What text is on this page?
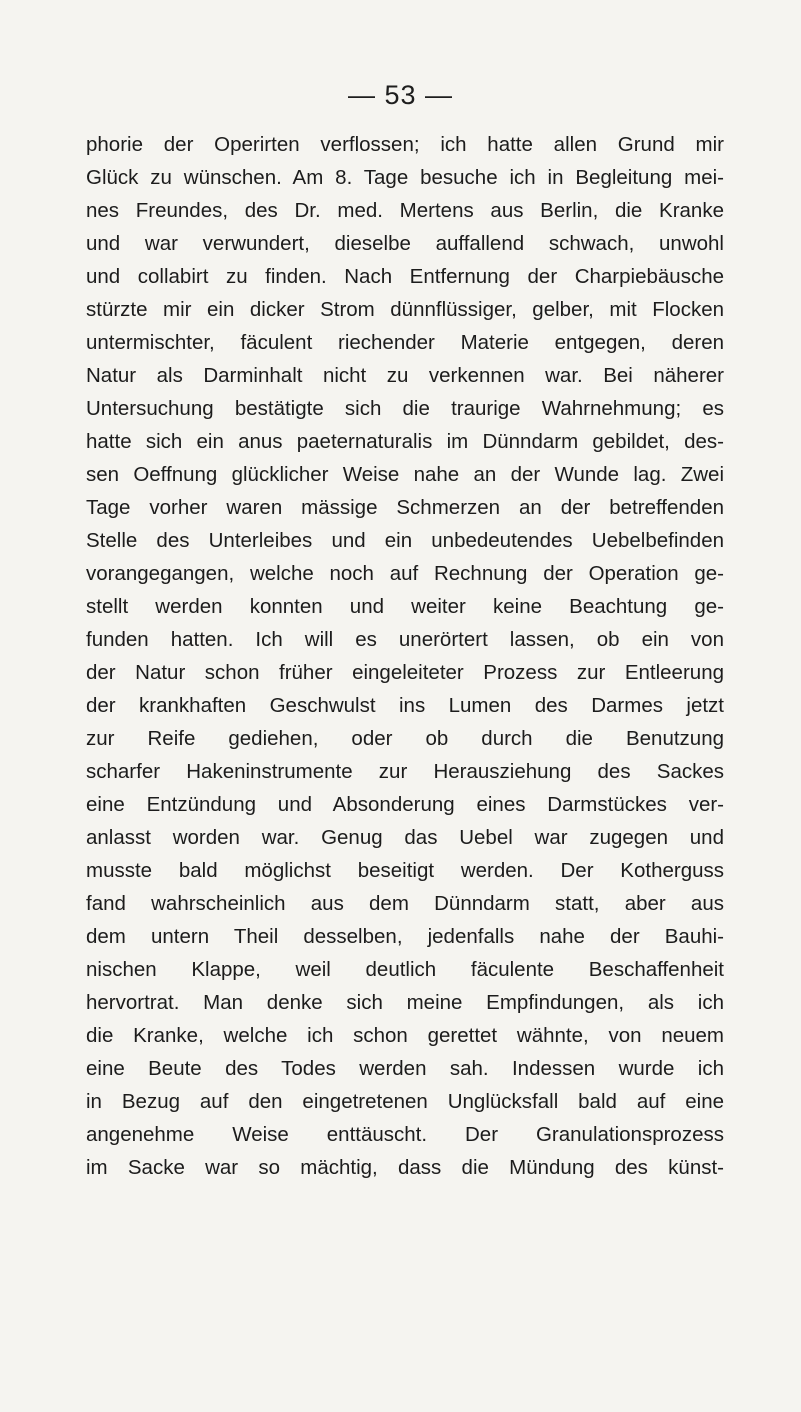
— 53 —
phorie der Operirten verflossen; ich hatte allen Grund mir
Glück zu wünschen. Am 8. Tage besuche ich in Begleitung mei-
nes Freundes, des Dr. med. Mertens aus Berlin, die Kranke
und war verwundert, dieselbe auffallend schwach, unwohl
und collabirt zu finden. Nach Entfernung der Charpiebäusche
stürzte mir ein dicker Strom dünnflüssiger, gelber, mit Flocken
untermischter, fäculent riechender Materie entgegen, deren
Natur als Darminhalt nicht zu verkennen war. Bei näherer
Untersuchung bestätigte sich die traurige Wahrnehmung; es
hatte sich ein anus paeternaturalis im Dünndarm gebildet, des-
sen Oeffnung glücklicher Weise nahe an der Wunde lag. Zwei
Tage vorher waren mässige Schmerzen an der betreffenden
Stelle des Unterleibes und ein unbedeutendes Uebelbefinden
vorangegangen, welche noch auf Rechnung der Operation ge-
stellt werden konnten und weiter keine Beachtung ge-
funden hatten. Ich will es unerörtert lassen, ob ein von
der Natur schon früher eingeleiteter Prozess zur Entleerung
der krankhaften Geschwulst ins Lumen des Darmes jetzt
zur Reife gediehen, oder ob durch die Benutzung
scharfer Hakeninstrumente zur Herausziehung des Sackes
eine Entzündung und Absonderung eines Darmstückes ver-
anlasst worden war. Genug das Uebel war zugegen und
musste bald möglichst beseitigt werden. Der Kotherguss
fand wahrscheinlich aus dem Dünndarm statt, aber aus
dem untern Theil desselben, jedenfalls nahe der Bauhi-
nischen Klappe, weil deutlich fäculente Beschaffenheit
hervortrat. Man denke sich meine Empfindungen, als ich
die Kranke, welche ich schon gerettet wähnte, von neuem
eine Beute des Todes werden sah. Indessen wurde ich
in Bezug auf den eingetretenen Unglücksfall bald auf eine
angenehme Weise enttäuscht. Der Granulationsprozess
im Sacke war so mächtig, dass die Mündung des künst-
